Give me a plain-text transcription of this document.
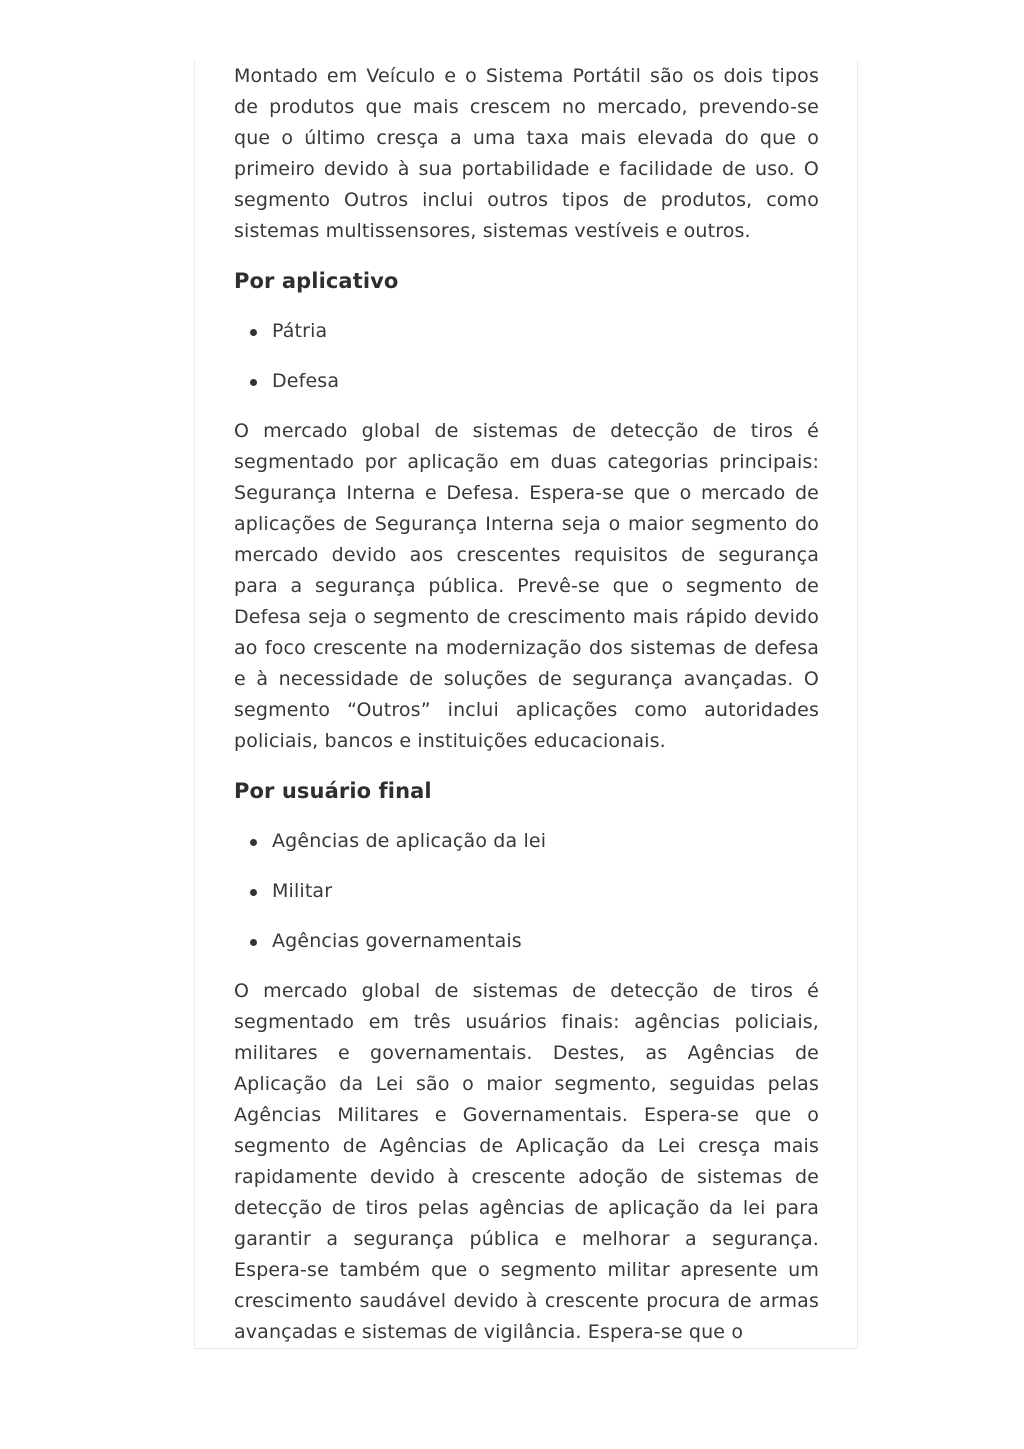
Montado em Veículo e o Sistema Portátil são os dois tipos de produtos que mais crescem no mercado, prevendo-se que o último cresça a uma taxa mais elevada do que o primeiro devido à sua portabilidade e facilidade de uso. O segmento Outros inclui outros tipos de produtos, como sistemas multissensores, sistemas vestíveis e outros.

Por aplicativo
Pátria
Defesa

O mercado global de sistemas de detecção de tiros é segmentado por aplicação em duas categorias principais: Segurança Interna e Defesa. Espera-se que o mercado de aplicações de Segurança Interna seja o maior segmento do mercado devido aos crescentes requisitos de segurança para a segurança pública. Prevê-se que o segmento de Defesa seja o segmento de crescimento mais rápido devido ao foco crescente na modernização dos sistemas de defesa e à necessidade de soluções de segurança avançadas. O segmento “Outros” inclui aplicações como autoridades policiais, bancos e instituições educacionais.

Por usuário final
Agências de aplicação da lei
Militar
Agências governamentais

O mercado global de sistemas de detecção de tiros é segmentado em três usuários finais: agências policiais, militares e governamentais. Destes, as Agências de Aplicação da Lei são o maior segmento, seguidas pelas Agências Militares e Governamentais. Espera-se que o segmento de Agências de Aplicação da Lei cresça mais rapidamente devido à crescente adoção de sistemas de detecção de tiros pelas agências de aplicação da lei para garantir a segurança pública e melhorar a segurança. Espera-se também que o segmento militar apresente um crescimento saudável devido à crescente procura de armas avançadas e sistemas de vigilância. Espera-se que o
